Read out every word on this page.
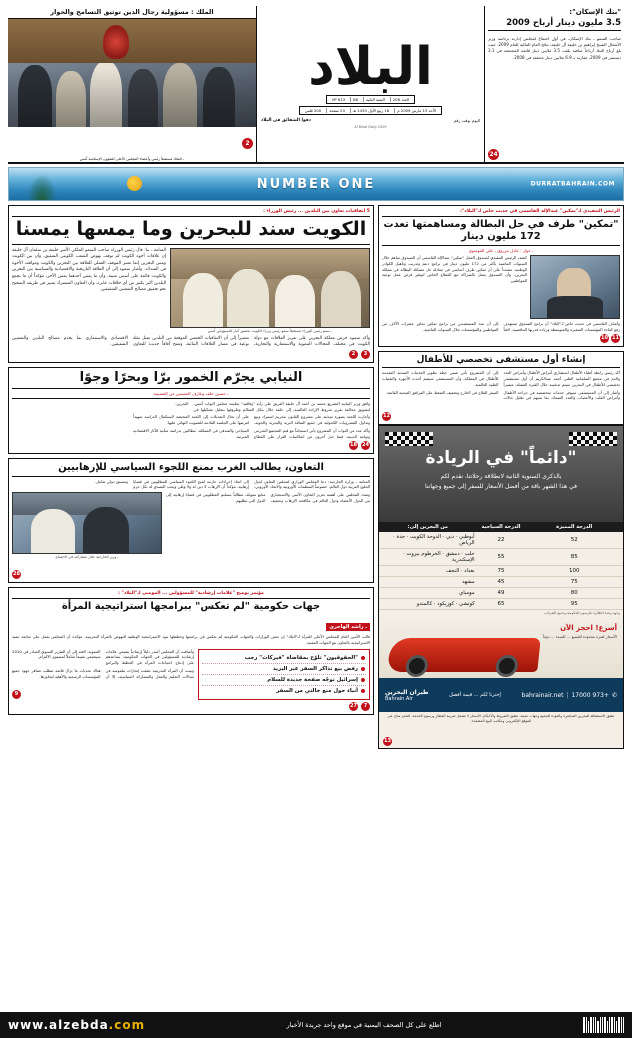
"بنك الإسكان":
3.5 مليون دينار أرباح 2009
صاحب السمو ـ بنك الإسكان، في أول اجتماع لمجلس إدارته برئاسة وزير الأشغال الشيخ إبراهيم بن خليفة آل خليفة، نتائج العام المالية للعام 2009. حيث بلغ أرباح البنك أرباحاً صافية بلغت 3.5 ملايين دينار قائمة المجتمعة في 3.1 ديسمبر في 2009، مقارنة بـ 6.9 ملايين دينار محققة في 2008.
24
البلاد
العدد 206
السنة الثانية
88
Nº 613
الأحد 15 مارس 2009 م
18 ربيع الأول 1430 هـ
24 صفحة
200 فلس
اليوم بوقت رقم
دقوا الشقائق في البلاد
Al Bilad Daily 2009
الملك : مسؤولية رجال الدين توثيق التسامح والحوار
ـ الملك مستقبلاً رئيس وأعضاء المجلس الأعلى للشؤون الإسلامية أمس
2
NUMBER ONE	DURRATBAHRAIN.COM
الرئيس التنفيذي لـ"تمكين" عبدالإله القاسمي في حديث خاص لـ"البلاد":
"تمكين" طرف في حل البطالة ومساهمتها تعدت 172 مليون دينار
ـ حوار : عادل مرزوق ـ علي الموسوي
كشف الرئيس التنفيذي لصندوق العمل "تمكين" عبدالإله القاسمي أن الصندوق ساهم خلال السنوات الماضية بأكثر من 172 مليون دينار في برامج دعم وتدريب وتأهيل الكوادر الوطنية، مشدداً على أن تمكين طرف أساسي في معادلة حل مشكلة البطالة في مملكة البحرين، وأن الصندوق يعمل بالشراكة مع القطاع الخاص لتوفير فرص عمل نوعية للمواطنين.
وأضاف القاسمي في حديث خاص لـ"البلاد" أن برامج الصندوق تستهدف رفع كفاءة المؤسسات الصغيرة والمتوسطة وزيادة قدرتها التنافسية، لافتاً إلى أن عدد المستفيدين من برامج تمكين تجاوز عشرات الآلاف من المواطنين والمؤسسات خلال السنوات الماضية.
11
10
إنشاء أول مستشفى تخصصي للأطفال
أكد رئيس رابطة أطباء الأطفال استشاري أمراض الأطفال وأمراض الغدد والدم في مجمع السلمانية الطبي أحمد عبدالكريم أن أول مستشفى تخصصي للأطفال في البحرين سيتم تدشينه خلال الفترة المقبلة، مشيراً إلى أن المشروع يأتي ضمن خطة تطوير الخدمات الصحية المقدمة للأطفال في المملكة، وأن المستشفى سيضم أحدث الأجهزة والتقنيات الطبية العالمية.
وأشار إلى أن المستشفى سيوفر خدمات متخصصة في جراحة الأطفال وأمراض القلب والأعصاب والغدد الصماء، بما يسهم في تقليل حالات السفر للعلاج في الخارج وتخفيف الضغط على المرافق الصحية القائمة.
12
"دائماً" في الريادة
بالذكرى السنوية الثانية لانطلاقة رحلاتنا، نقدم لكم
في هذا الشهر باقة من أفضل الأسعار للسفر إلى جميع وجهاتنا
الدرجة المميزة	الدرجة السياحية	من البحرين إلى:
52	22	أبوظبي · دبي · الدوحة الكويت · جدة · الرياض
85	55	حلب · دمشق · الخرطوم بيروت · الإسكندرية
100	75	بغداد · النجف
75	45	مشهد
80	49	مومباي
95	65	كوتشي · كوزيكود · كالمندو
وجهة وعدة الطائرة بالرسوم الحكومية وجميع الضرائب
أسرع! احجز الآن
الأسعار لفترة محدودة للجميع ... للجيدة ... دوماً
✆
+973 17000
|
bahrainair.net
إخترنا لكم ... قيمة أفضل
طيران البحرين
Bahrain Air
تطبق الاستضافة للبحرين المباشرة والعودة للجميع وجهات معينة. تطبق الشروط والأحكام. الأسعار لا تشمل ضريبة المطار ورسوم الخدمة. الحجز متاح عبر الموقع الإلكتروني ومكاتب البيع المعتمدة.
13
5 اتفاقيات تعاون بين البلدين ... رئيس الوزراء :
الكويت سند للبحرين وما يمسها يمسنا
ـ سمو رئيس الوزراء مستقبلاً سمو رئيس وزراء الكويت بحضور كبار المسؤولين أمس
المنامة ـ بنا: قال رئيس الوزراء صاحب السمو الملكي الأمير خليفة بن سلمان آل خليفة إن علاقات أخوة الكويت لم توقف نهوض الشعب الكويتي الشقيق، وأن بين الكويت ومس البحرين إنما تعتبر الموقف العملي للعلاقة بين البحرين والكويت ومواقف الأخوة في الشدائد. وأشار سموه إلى أن العلاقة التاريخية والاقتصادية والسياسية بين البحرين والكويت قائمة على أسس متينة، وأن ما يمس أحدهما يمس الآخر، مؤكداً أن ما يجمع البلدين أكبر بكثير من أي خلافات عابرة، وأن التعاون المشترك يسير في طريقه الصحيح نحو تحقيق مصالح الشعبين الشقيقين.
وأكد سموه حرص مملكة البحرين على تعزيز العلاقات مع دولة الكويت في مختلف المجالات التنموية والاستثمارية والتجارية، مشيراً إلى أن الاتفاقيات الخمس الموقعة بين البلدين تمثل نقلة نوعية في مسار العلاقات الثنائية، وتفتح آفاقاً جديدة للتعاون الاقتصادي والاستثماري بما يخدم مصالح البلدين والشعبين الشقيقين.
3
2
النيابي يجرّم الخمور برّا وبحرًا وجوًا
ـ حسين خلف وعارف الحسيني من القضيبية
وافق وزير النيابية التشريع محمد بن أحمد آل خليفة الفريق على رأيه "وفاقية" بجلسة مجلس النواب أمس، لتشويق مخالفة تقرير شروط الإرادة العالمية، إلى حلقة خلال يتكل المعالم وظروفها بتعليل تشكيلها في البحرين.
وأجازت اللجنة بصورة مبدئية على مشروع القانون بتجريم استيراد وبيع وتداول المشروبات الكحولية في جميع المنافذ البرية والبحرية والجوية، على أن تحال التعديلات إلى اللجنة المختصة لاستكمال الدراسة تمهيداً لعرضها على الجلسة القادمة للتصويت النهائي عليها.
وأكد عدد من النواب أن المشروع يأتي انسجاماً مع قيم المجتمع البحريني وثوابته الدينية، فيما حذر آخرون من انعكاسات القرار على القطاع السياحي والفندقي في المملكة، مطالبين بدراسة متأنية للآثار الاقتصادية المترتبة.
24
18
التعاون، يطالب الغرب بمنع اللجوء السياسي للإرهابيين
المنامة ـ وزارة الخارجية: دعا المجلس الوزاري لمجلس التعاون لدول الخليج العربية دول العالم، خصوصاً المنظمات الأوروبية والاتحاد الأوروبي، إلى اتخاذ إجراءات حازمة لمنح اللجوء السياسي للمطلوبين في قضايا إرهابية، مؤكداً أن الإرهاب لا دين له ولا وطن ويجب التصدي له بكل حزم وتنسيق دولي شامل.
وشدد المجلس على أهمية تعزيز التعاون الأمني والاستخباري بين الدول الأعضاء ودول العالم في مكافحة الإرهاب وتجفيف منابع تمويله، مطالباً بتسليم المطلوبين في قضايا إرهابية إلى الدول التي تطلبهم.
ـ وزير الخارجية خلال مشاركته في الاجتماع
28
مؤتمر توضح "علامات إرشادية" للمسؤولين ... الموصى لـ"البلاد" :
جهات حكومية "لم تعكس" ببرامجها استراتيجية المرأة
ـ راشد الهاجري
قالت الأمين العام للمجلس الأعلى للمرأة لـ"البلاد" إن بعض الوزارات والجهات الحكومية لم تعكس في برامجها وخططها بنود الاستراتيجية الوطنية للنهوض بالمرأة البحرينية، مؤكدة أن المجلس يعمل على متابعة تنفيذ الاستراتيجية بالتعاون مع الجهات المعنية.
"الحقوقيون" تلوّح بمقاضاة "فيركات" رجب
رفض بيع تذاكر السفر عبر البريد
إسرائيل توجّه صفحة جديدة للسلام
أنباء حول منع خالتي من السفر
7
27
وأضافت أن المجلس أصدر دليلاً إرشادياً يتضمن علامات إرشادية للمسؤولين في الجهات الحكومية، يساعدهم على إدماج احتياجات المرأة في الخطط والبرامج التنموية، لافتة إلى أن التقرير السنوي الصادر في 2010 سيتضمن تقييماً شاملاً لمستوى الالتزام.
وبينت أن المرأة البحرينية حققت إنجازات ملموسة في مجالات التعليم والعمل والمشاركة السياسية، إلا أن هناك تحديات ما تزال قائمة تتطلب تضافر جهود جميع المؤسسات الرسمية والأهلية لتجاوزها.
9
اطلع على كل الصحف اليمنية في موقع واحد جريدة الأخبار
www.alzebda.com
